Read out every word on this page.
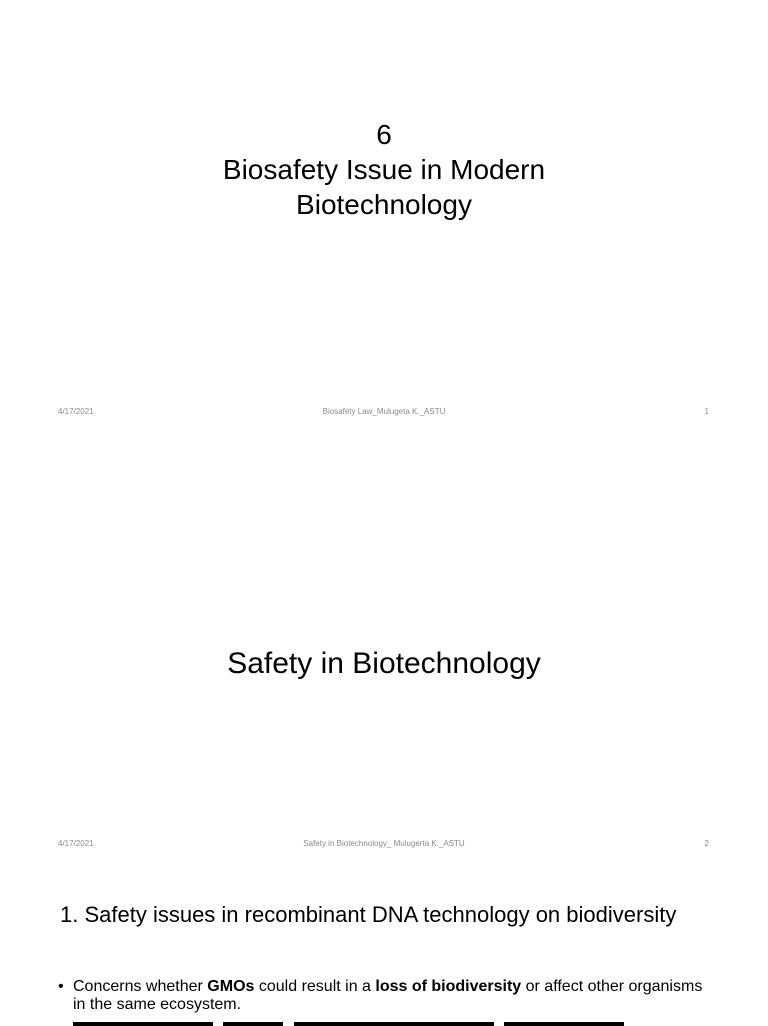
6
Biosafety Issue in Modern
Biotechnology
4/17/2021	Biosafety Law_Mulugeta K._ASTU	1
Safety in Biotechnology
4/17/2021	Safety in Biotechnology_ Mulugerta K._ASTU	2
1. Safety issues in recombinant DNA technology on biodiversity
• Concerns whether GMOs could result in a loss of biodiversity or affect other organisms in the same ecosystem.
